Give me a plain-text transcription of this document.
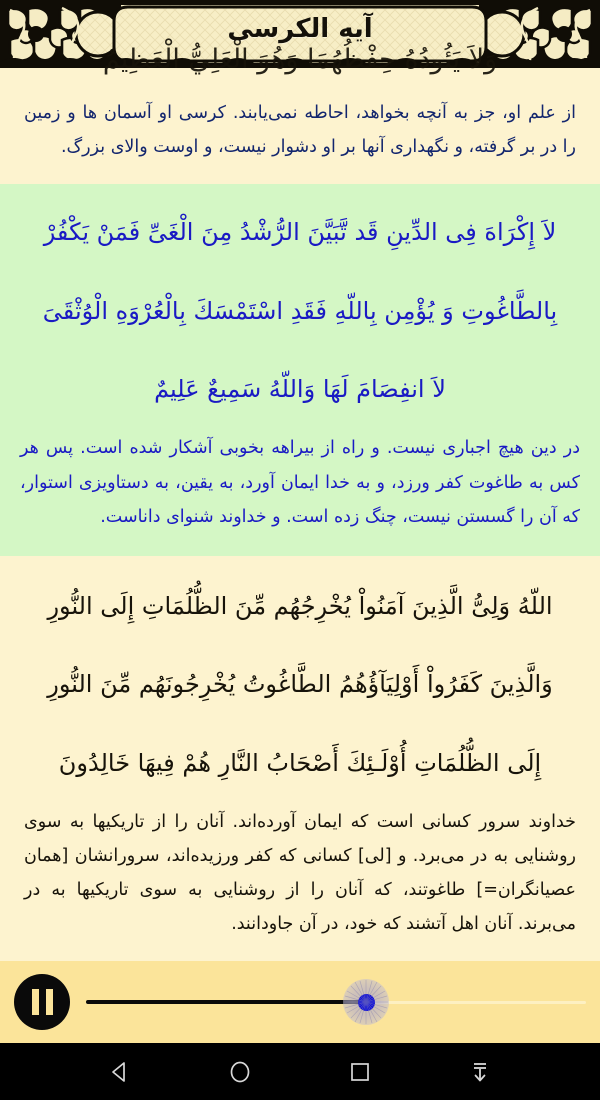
آیه الکرسی
وَلاَ يَئُودُهُ حِفْظُهُمَا وَهُوَ الْعَلِيُّ الْعَظِيمُ
از علم او، جز به آنچه بخواهد، احاطه نمی‌یابند. کرسی او آسمان ها و زمین را در بر گرفته، و نگهداری آنها بر او دشوار نیست، و اوست والای بزرگ.
لاَ إِكْرَاهَ فِى الدِّينِ قَد تَّبَيَّنَ الرُّشْدُ مِنَ الْغَىِّ فَمَنْ يَكْفُرْ
بِالطَّاغُوتِ وَ يُؤْمِن بِاللّهِ فَقَدِ اسْتَمْسَكَ بِالْعُرْوَهِ الْوُثْقَىَ
لاَ انفِصَامَ لَهَا وَاللّهُ سَمِيعٌ عَلِيمٌ
در دین هیچ اجباری نیست. و راه از بیراهه بخوبی آشکار شده است. پس هر کس به طاغوت کفر ورزد، و به خدا ایمان آورد، به یقین، به دستاویزی استوار، که آن را گسستن نیست، چنگ زده است. و خداوند شنوای داناست.
اللّهُ وَلِىُّ الَّذِينَ آمَنُواْ يُخْرِجُهُم مِّنَ الظُّلُمَاتِ إِلَى النُّورِ
وَالَّذِينَ كَفَرُواْ أَوْلِيَآؤُهُمُ الطَّاغُوتُ يُخْرِجُونَهُم مِّنَ النُّورِ
إِلَى الظُّلُمَاتِ أُوْلَـئِكَ أَصْحَابُ النَّارِ هُمْ فِيهَا خَالِدُونَ
خداوند سرور کسانی است که ایمان آورده‌اند. آنان را از تاریکیها به سوی روشنایی به در می‌برد. و [لی] کسانی که کفر ورزیده‌اند، سرورانشان [همان عصیانگران=] طاغوتند، که آنان را از روشنایی به سوی تاریکیها به در می‌برند. آنان اهل آتشند که خود، در آن جاودانند.
